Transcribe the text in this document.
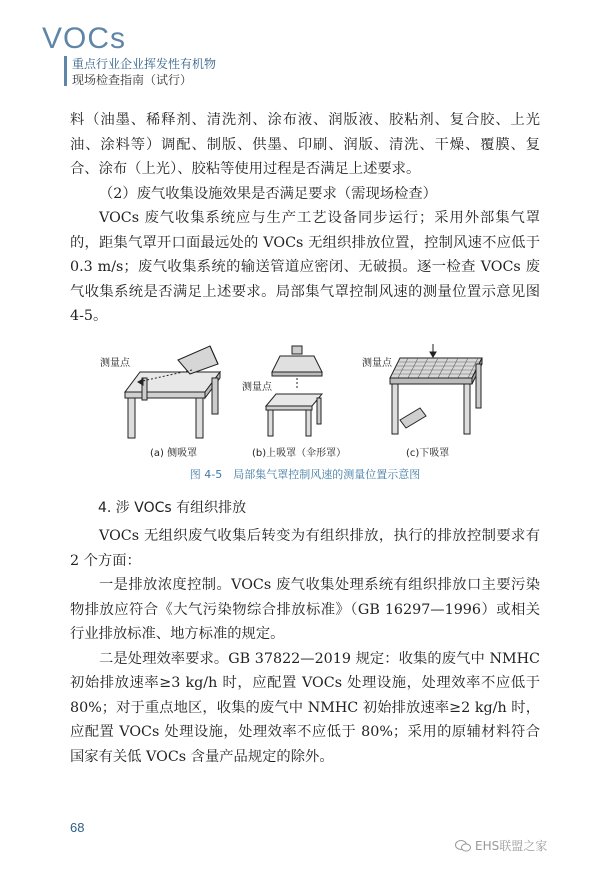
VOCs
重点行业企业挥发性有机物
现场检查指南（试行）

料（油墨、稀释剂、清洗剂、涂布液、润版液、胶粘剂、复合胶、上光油、涂料等）调配、制版、供墨、印刷、润版、清洗、干燥、覆膜、复合、涂布（上光）、胶粘等使用过程是否满足上述要求。

（2）废气收集设施效果是否满足要求（需现场检查）

VOCs 废气收集系统应与生产工艺设备同步运行；采用外部集气罩的，距集气罩开口面最远处的 VOCs 无组织排放位置，控制风速不应低于 0.3 m/s；废气收集系统的输送管道应密闭、无破损。逐一检查 VOCs 废气收集系统是否满足上述要求。局部集气罩控制风速的测量位置示意见图 4-5。

测量点
(a) 侧吸罩
测量点
(b)上吸罩（伞形罩）
测量点
(c)下吸罩
图 4-5　局部集气罩控制风速的测量位置示意图
4. 涉 VOCs 有组织排放

VOCs 无组织废气收集后转变为有组织排放，执行的排放控制要求有 2 个方面：

一是排放浓度控制。VOCs 废气收集处理系统有组织排放口主要污染物排放应符合《大气污染物综合排放标准》（GB 16297—1996）或相关行业排放标准、地方标准的规定。

二是处理效率要求。GB 37822—2019 规定：收集的废气中 NMHC 初始排放速率≥3 kg/h 时，应配置 VOCs 处理设施，处理效率不应低于 80%；对于重点地区，收集的废气中 NMHC 初始排放速率≥2 kg/h 时，应配置 VOCs 处理设施，处理效率不应低于 80%；采用的原辅材料符合国家有关低 VOCs 含量产品规定的除外。

68
EHS联盟之家
